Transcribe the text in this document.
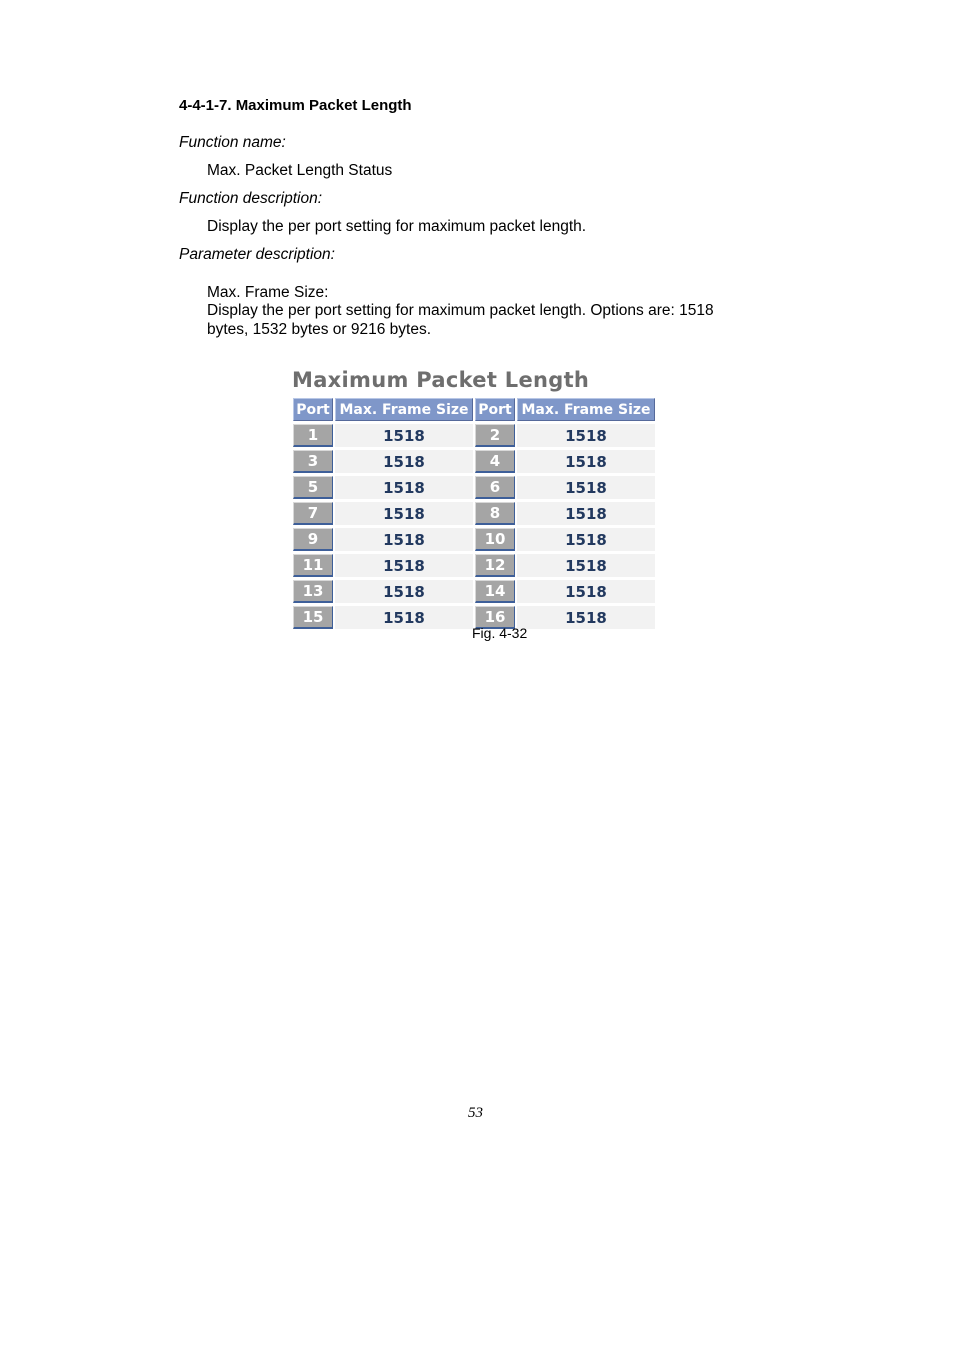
4-4-1-7. Maximum Packet Length
Function name:
Max. Packet Length Status
Function description:
Display the per port setting for maximum packet length.
Parameter description:
Max. Frame Size:
Display the per port setting for maximum packet length. Options are: 1518
bytes, 1532 bytes or 9216 bytes.
Maximum Packet Length
Port	Max. Frame Size	Port	Max. Frame Size
1	1518	2	1518
3	1518	4	1518
5	1518	6	1518
7	1518	8	1518
9	1518	10	1518
11	1518	12	1518
13	1518	14	1518
15	1518	16	1518
Fig. 4-32
53
